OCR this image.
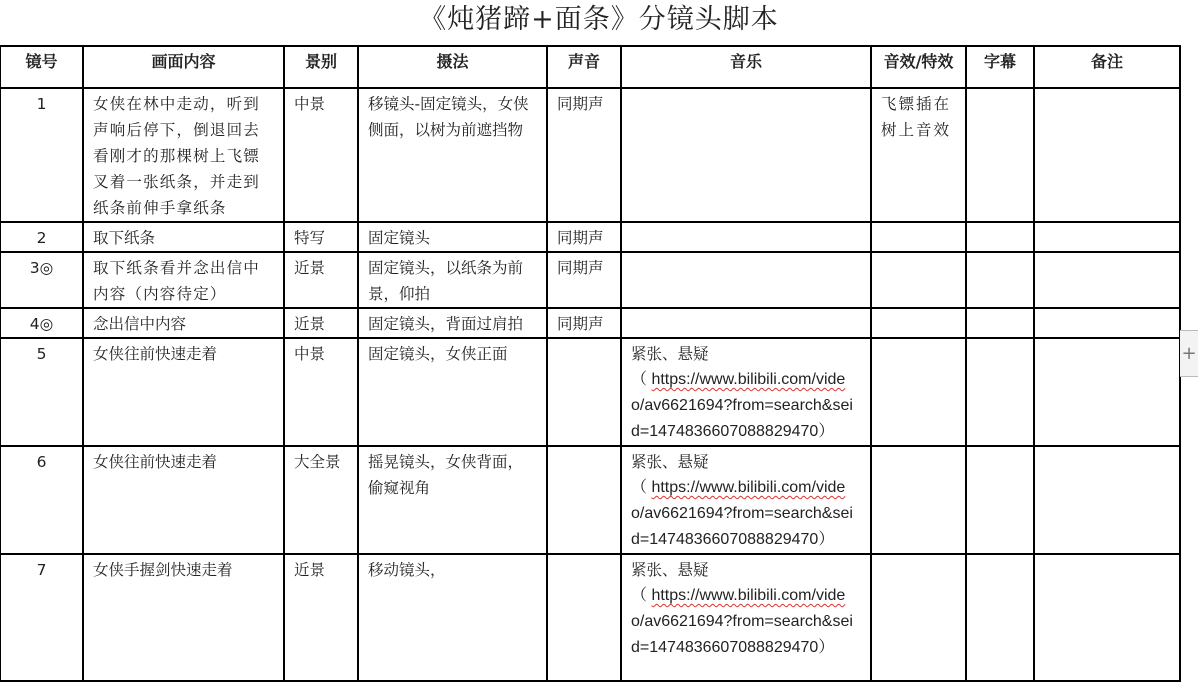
《炖猪蹄+面条》分镜头脚本
镜号	画面内容	景别	摄法	声音	音乐	音效/特效	字幕	备注

1	女侠在林中走动，听到声响后停下，倒退回去看刚才的那棵树上飞镖叉着一张纸条，并走到纸条前伸手拿纸条	中景	移镜头-固定镜头，女侠侧面，以树为前遮挡物	同期声		飞镖插在树上音效		

2	取下纸条	特写	固定镜头	同期声				

3◎	取下纸条看并念出信中内容（内容待定）	近景	固定镜头，以纸条为前景，仰拍	同期声				

4◎	念出信中内容	近景	固定镜头，背面过肩拍	同期声				

5	女侠往前快速走着	中景	固定镜头，女侠正面		紧张、悬疑
（ https://www.bilibili.com/vide
o/av6621694?from=search&sei
d=1474836607088829470）			

6	女侠往前快速走着	大全景	摇晃镜头，女侠背面，偷窥视角		紧张、悬疑
（ https://www.bilibili.com/vide
o/av6621694?from=search&sei
d=1474836607088829470）			

7	女侠手握剑快速走着	近景	移动镜头，		紧张、悬疑
（ https://www.bilibili.com/vide
o/av6621694?from=search&sei
d=1474836607088829470）			

+
